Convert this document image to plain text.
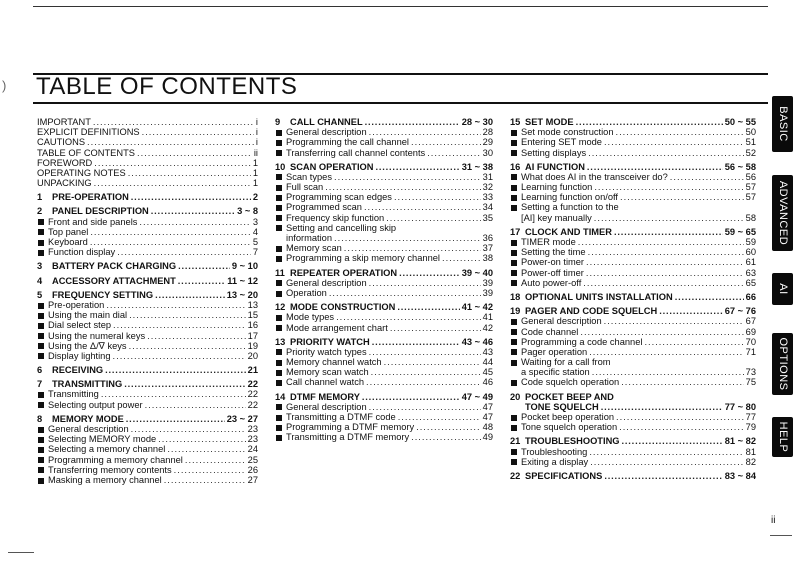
) TABLE OF CONTENTS
IMPORTANT .....	i
EXPLICIT DEFINITIONS .....	i
CAUTIONS .....	i
TABLE OF CONTENTS .....	ii
FOREWORD .....	1
OPERATING NOTES .....	1
UNPACKING .....	1
1 PRE-OPERATION .....	2
2 PANEL DESCRIPTION .....	3 ~ 8
Front and side panels .....	3
Top panel .....	4
Keyboard .....	5
Function display .....	7
3 BATTERY PACK CHARGING .....	9 ~ 10
4 ACCESSORY ATTACHMENT .....	11 ~ 12
5 FREQUENCY SETTING .....	13 ~ 20
Pre-operation .....	13
Using the main dial .....	15
Dial select step .....	16
Using the numeral keys .....	17
Using the Δ/∇ keys .....	19
Display lighting .....	20
6 RECEIVING .....	21
7 TRANSMITTING .....	22
Transmitting .....	22
Selecting output power .....	22
8 MEMORY MODE .....	23 ~ 27
General description .....	23
Selecting MEMORY mode .....	23
Selecting a memory channel .....	24
Programming a memory channel .....	25
Transferring memory contents .....	26
Masking a memory channel .....	27
9 CALL CHANNEL .....	28 ~ 30
General description .....	28
Programming the call channel .....	29
Transferring call channel contents .....	30
10 SCAN OPERATION .....	31 ~ 38
Scan types .....	31
Full scan .....	32
Programming scan edges .....	33
Programmed scan .....	34
Frequency skip function .....	35
Setting and cancelling skip
information .....	36
Memory scan .....	37
Programming a skip memory channel .....	38
11 REPEATER OPERATION .....	39 ~ 40
General description .....	39
Operation .....	39
12 MODE CONSTRUCTION .....	41 ~ 42
Mode types .....	41
Mode arrangement chart .....	42
13 PRIORITY WATCH .....	43 ~ 46
Priority watch types .....	43
Memory channel watch .....	44
Memory scan watch .....	45
Call channel watch .....	46
14 DTMF MEMORY .....	47 ~ 49
General description .....	47
Transmitting a DTMF code .....	47
Programming a DTMF memory .....	48
Transmitting a DTMF memory .....	49
15 SET MODE .....	50 ~ 55
Set mode construction .....	50
Entering SET mode .....	51
Setting displays .....	52
16 AI FUNCTION .....	56 ~ 58
What does AI in the transceiver do? .....	56
Learning function .....	57
Learning function on/off .....	57
Setting a function to the
[AI] key manually .....	58
17 CLOCK AND TIMER .....	59 ~ 65
TIMER mode .....	59
Setting the time .....	60
Power-on timer .....	61
Power-off timer .....	63
Auto power-off .....	65
18 OPTIONAL UNITS INSTALLATION .....	66
19 PAGER AND CODE SQUELCH .....	67 ~ 76
General description .....	67
Code channel .....	69
Programming a code channel .....	70
Pager operation .....	71
Waiting for a call from
a specific station .....	73
Code squelch operation .....	75
20 POCKET BEEP AND
TONE SQUELCH .....	77 ~ 80
Pocket beep operation .....	77
Tone squelch operation .....	79
21 TROUBLESHOOTING .....	81 ~ 82
Troubleshooting .....	81
Exiting a display .....	82
22 SPECIFICATIONS .....	83 ~ 84
BASIC
ADVANCED
AI
OPTIONS
HELP
ii
